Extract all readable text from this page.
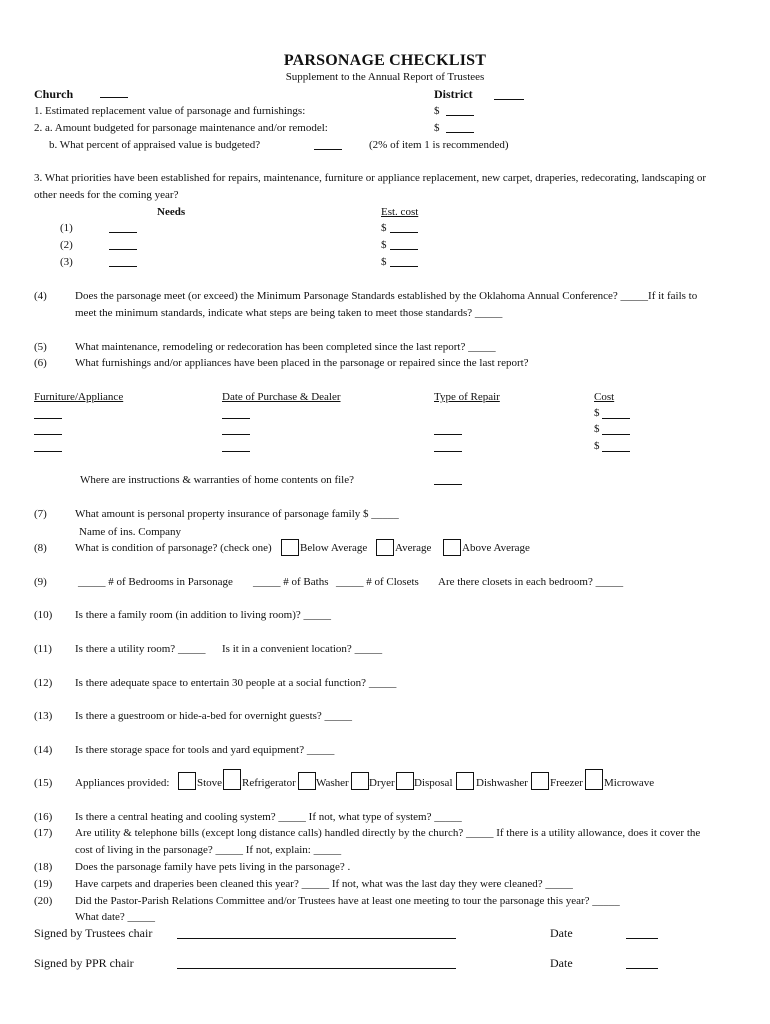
PARSONAGE CHECKLIST
Supplement to the Annual Report of Trustees
Church	District
1. Estimated replacement value of parsonage and furnishings:	$
2. a. Amount budgeted for parsonage maintenance and/or remodel:	$
b. What percent of appraised value is budgeted?	(2% of item 1 is recommended)
3. What priorities have been established for repairs, maintenance, furniture or appliance replacement, new carpet, draperies, redecorating, landscaping or
other needs for the coming year?
Needs	Est. cost
(1)	$
(2)	$
(3)	$
(4)	Does the parsonage meet (or exceed) the Minimum Parsonage Standards established by the Oklahoma Annual Conference? _____If it fails to
meet the minimum standards, indicate what steps are being taken to meet those standards? _____
(5)	What maintenance, remodeling or redecoration has been completed since the last report? _____
(6)	What furnishings and/or appliances have been placed in the parsonage or repaired since the last report?
Furniture/Appliance	Date of Purchase & Dealer	Type of Repair	Cost
$
$
$
Where are instructions & warranties of home contents on file?
(7)	What amount is personal property insurance of parsonage family $ _____
Name of ins. Company
(8)	What is condition of parsonage? (check one)	Below Average	Average	Above Average
(9)	_____ # of Bedrooms in Parsonage _____ # of Baths _____ # of Closets Are there closets in each bedroom? _____
(10) Is there a family room (in addition to living room)? _____
(11) Is there a utility room? _____ Is it in a convenient location? _____
(12) Is there adequate space to entertain 30 people at a social function? _____
(13) Is there a guestroom or hide-a-bed for overnight guests? _____
(14) Is there storage space for tools and yard equipment? _____
(15) Appliances provided:	Stove Refrigerator Washer Dryer Disposal Dishwasher Freezer Microwave
(16) Is there a central heating and cooling system? _____ If not, what type of system? _____
(17) Are utility & telephone bills (except long distance calls) handled directly by the church? _____ If there is a utility allowance, does it cover the
cost of living in the parsonage? _____ If not, explain: _____
(18) Does the parsonage family have pets living in the parsonage? .
(19) Have carpets and draperies been cleaned this year? _____ If not, what was the last day they were cleaned? _____
(20) Did the Pastor-Parish Relations Committee and/or Trustees have at least one meeting to tour the parsonage this year? _____
What date? _____
Signed by Trustees chair	Date
Signed by PPR chair	Date
